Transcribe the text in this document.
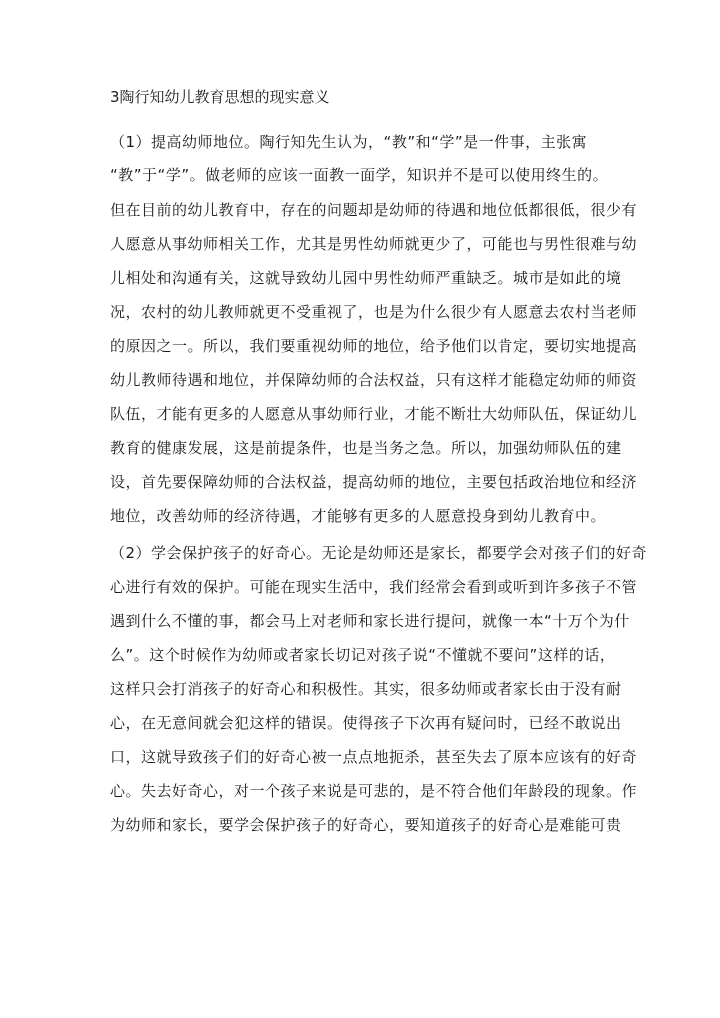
3陶行知幼儿教育思想的现实意义
（1）提高幼师地位。陶行知先生认为，“教”和“学”是一件事，主张寓
“教”于“学”。做老师的应该一面教一面学，知识并不是可以使用终生的。
但在目前的幼儿教育中，存在的问题却是幼师的待遇和地位低都很低，很少有
人愿意从事幼师相关工作，尤其是男性幼师就更少了，可能也与男性很难与幼
儿相处和沟通有关，这就导致幼儿园中男性幼师严重缺乏。城市是如此的境
况，农村的幼儿教师就更不受重视了，也是为什么很少有人愿意去农村当老师
的原因之一。所以，我们要重视幼师的地位，给予他们以肯定，要切实地提高
幼儿教师待遇和地位，并保障幼师的合法权益，只有这样才能稳定幼师的师资
队伍，才能有更多的人愿意从事幼师行业，才能不断壮大幼师队伍，保证幼儿
教育的健康发展，这是前提条件，也是当务之急。所以，加强幼师队伍的建
设，首先要保障幼师的合法权益，提高幼师的地位，主要包括政治地位和经济
地位，改善幼师的经济待遇，才能够有更多的人愿意投身到幼儿教育中。
（2）学会保护孩子的好奇心。无论是幼师还是家长，都要学会对孩子们的好奇
心进行有效的保护。可能在现实生活中，我们经常会看到或听到许多孩子不管
遇到什么不懂的事，都会马上对老师和家长进行提问，就像一本“十万个为什
么”。这个时候作为幼师或者家长切记对孩子说“不懂就不要问”这样的话，
这样只会打消孩子的好奇心和积极性。其实，很多幼师或者家长由于没有耐
心，在无意间就会犯这样的错误。使得孩子下次再有疑问时，已经不敢说出
口，这就导致孩子们的好奇心被一点点地扼杀，甚至失去了原本应该有的好奇
心。失去好奇心，对一个孩子来说是可悲的，是不符合他们年龄段的现象。作
为幼师和家长，要学会保护孩子的好奇心，要知道孩子的好奇心是难能可贵
